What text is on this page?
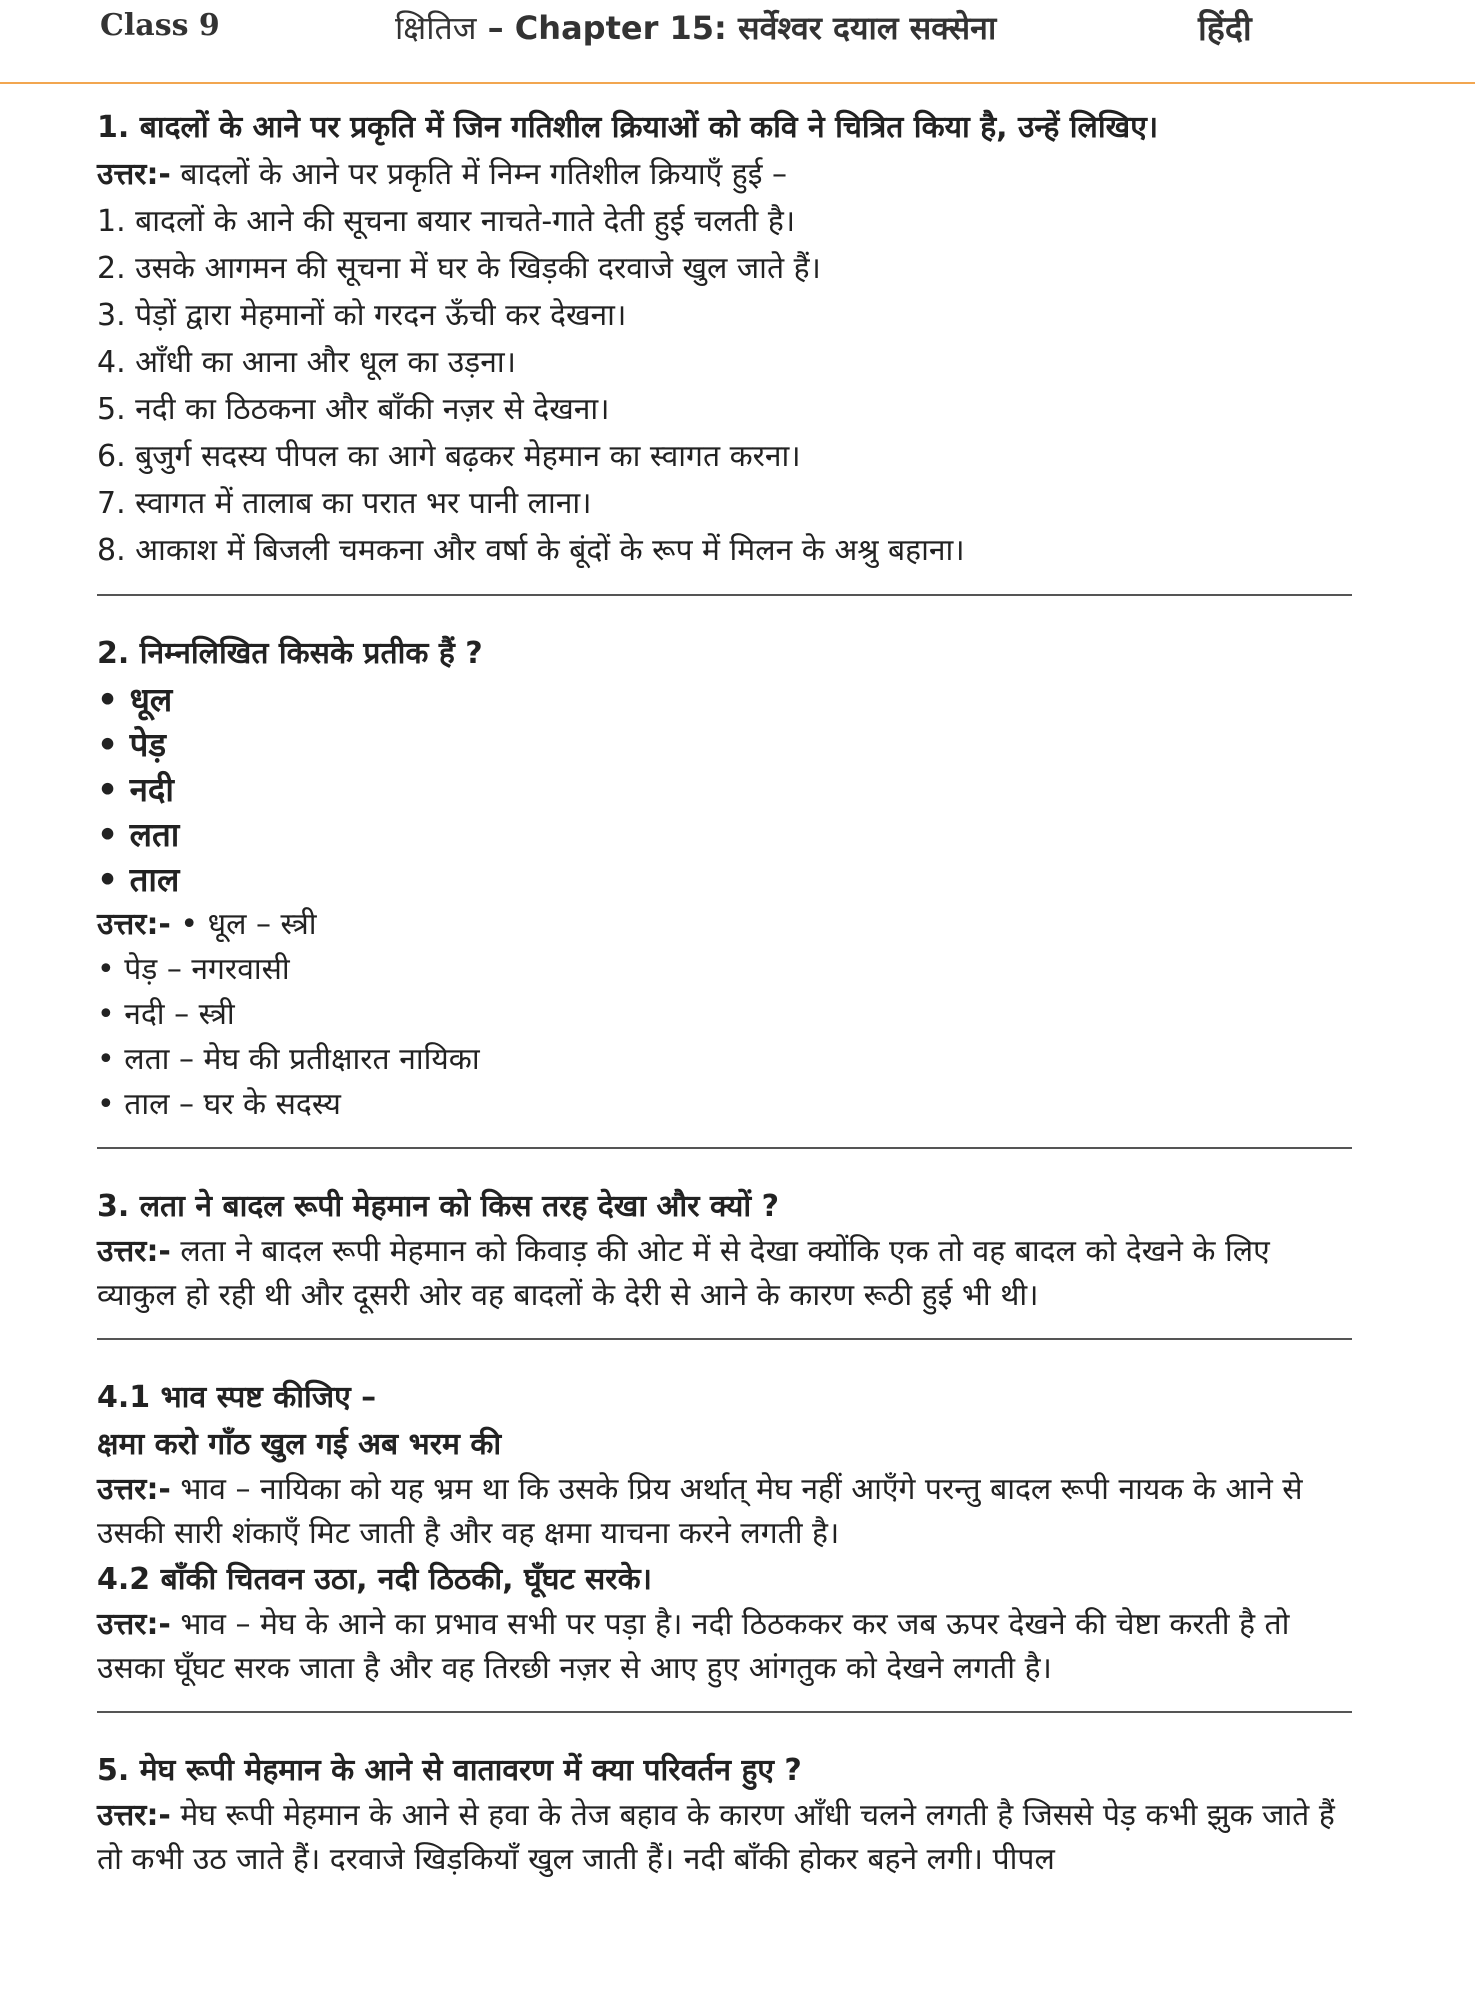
Class 9	क्षितिज – Chapter 15: सर्वेश्वर दयाल सक्सेना	हिंदी
1. बादलों के आने पर प्रकृति में जिन गतिशील क्रियाओं को कवि ने चित्रित किया है, उन्हें लिखिए।
उत्तर:- बादलों के आने पर प्रकृति में निम्न गतिशील क्रियाएँ हुई –
1. बादलों के आने की सूचना बयार नाचते-गाते देती हुई चलती है।
2. उसके आगमन की सूचना में घर के खिड़की दरवाजे खुल जाते हैं।
3. पेड़ों द्वारा मेहमानों को गरदन ऊँची कर देखना।
4. आँधी का आना और धूल का उड़ना।
5. नदी का ठिठकना और बाँकी नज़र से देखना।
6. बुजुर्ग सदस्य पीपल का आगे बढ़कर मेहमान का स्वागत करना।
7. स्वागत में तालाब का परात भर पानी लाना।
8. आकाश में बिजली चमकना और वर्षा के बूंदों के रूप में मिलन के अश्रु बहाना।
2. निम्नलिखित किसके प्रतीक हैं ?
• धूल
• पेड़
• नदी
• लता
• ताल
उत्तर:- • धूल – स्त्री
• पेड़ – नगरवासी
• नदी – स्त्री
• लता – मेघ की प्रतीक्षारत नायिका
• ताल – घर के सदस्य
3. लता ने बादल रूपी मेहमान को किस तरह देखा और क्यों ?
उत्तर:- लता ने बादल रूपी मेहमान को किवाड़ की ओट में से देखा क्योंकि एक तो वह बादल को देखने के लिए व्याकुल हो रही थी और दूसरी ओर वह बादलों के देरी से आने के कारण रूठी हुई भी थी।
4.1 भाव स्पष्ट कीजिए –
क्षमा करो गाँठ खुल गई अब भरम की
उत्तर:- भाव – नायिका को यह भ्रम था कि उसके प्रिय अर्थात् मेघ नहीं आएँगे परन्तु बादल रूपी नायक के आने से उसकी सारी शंकाएँ मिट जाती है और वह क्षमा याचना करने लगती है।
4.2 बाँकी चितवन उठा, नदी ठिठकी, घूँघट सरके।
उत्तर:- भाव – मेघ के आने का प्रभाव सभी पर पड़ा है। नदी ठिठककर कर जब ऊपर देखने की चेष्टा करती है तो उसका घूँघट सरक जाता है और वह तिरछी नज़र से आए हुए आंगतुक को देखने लगती है।
5. मेघ रूपी मेहमान के आने से वातावरण में क्या परिवर्तन हुए ?
उत्तर:- मेघ रूपी मेहमान के आने से हवा के तेज बहाव के कारण आँधी चलने लगती है जिससे पेड़ कभी झुक जाते हैं तो कभी उठ जाते हैं। दरवाजे खिड़कियाँ खुल जाती हैं। नदी बाँकी होकर बहने लगी। पीपल
